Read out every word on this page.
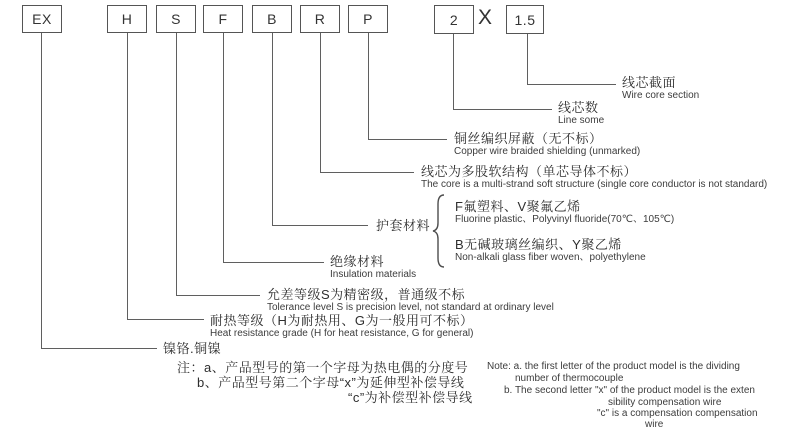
EX	H	S	F	B	R	P	2 X	1.5
线芯截面
Wire core section
线芯数
Line some
铜丝编织屏蔽（无不标）
Copper wire braided shielding (unmarked)
线芯为多股软结构（单芯导体不标）
The core is a multi-strand soft structure (single core conductor is not standard)
护套材料
F氟塑料、V聚氟乙烯
Fluorine plastic、Polyvinyl fluoride(70℃、105℃)
B无碱玻璃丝编织、Y聚乙烯
Non-alkali glass fiber woven、polyethylene
绝缘材料
Insulation materials
允差等级S为精密级，普通级不标
Tolerance level S is precision level, not standard at ordinary level
耐热等级（H为耐热用、G为一般用可不标）
Heat resistance grade (H for heat resistance, G for general)
镍铬.铜镍
注：a、产品型号的第一个字母为热电偶的分度号
b、产品型号第二个字母“x”为延伸型补偿导线
“c”为补偿型补偿导线
Note: a. the first letter of the product model is the dividing
number of thermocouple
b. The second letter "x" of the product model is the exten
sibility compensation wire
"c" is a compensation compensation
wire
